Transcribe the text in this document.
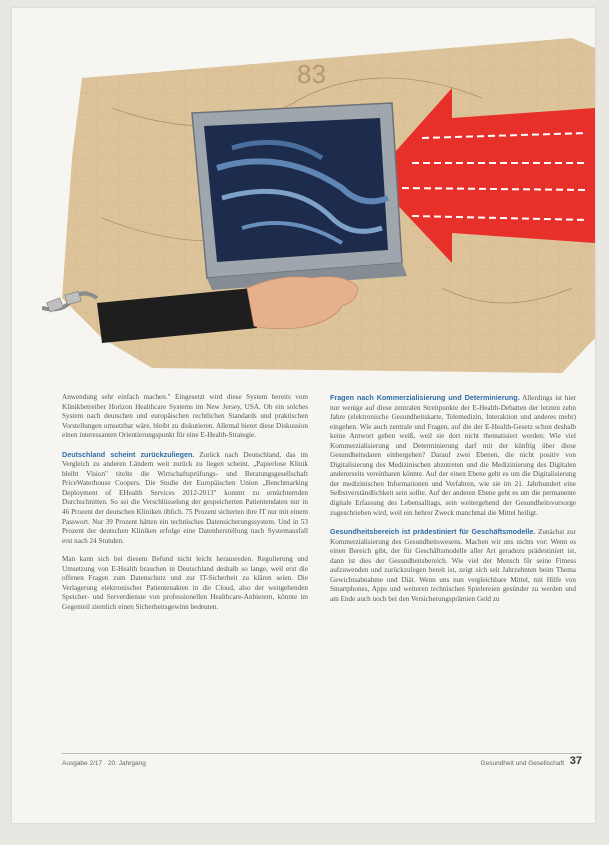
83

Anwendung sehr einfach machen." Eingesetzt wird diese System bereits vom Klinikbetreiber Horizon Healthcare Systems im New Jersey, USA. Ob ein solches System nach deutschen und europäischen rechtlichen Standards und praktischen Vorstellungen umsetzbar wäre, bleibt zu diskutieren. Allemal bietet diese Diskussion einen interessanten Orientierungspunkt für eine E-Health-Strategie.

Deutschland scheint zurückzuliegen. Zurück nach Deutschland, das im Vergleich zu anderen Ländern weit zurück zu liegen scheint. „Papierlose Klinik bleibt Vision" titelte die Wirtschaftsprüfungs- und Beratungsgesellschaft PriceWaterhouse Coopers. Die Studie der Europäischen Union „Benchmarking Deployment of EHealth Services 2012-2013" kommt zu ernüchternden Durchschnitten. So sei die Verschlüsselung der gespeicherten Patientendaten nur in 46 Prozent der deutschen Kliniken üblich. 75 Prozent sicherten ihre IT nur mit einem Passwort. Nur 39 Prozent hätten ein technisches Datensicherungssystem. Und in 53 Prozent der deutschen Kliniken erfolge eine Datenherstellung nach Systemausfall erst nach 24 Stunden.

Man kann sich bei diesem Befund nicht leicht herausreden. Regulierung und Umsetzung von E-Health brauchen in Deutschland deshalb so lange, weil erst die offenen Fragen zum Datenschutz und zur IT-Sicherheit zu klären seien. Die Verlagerung elektronischer Patientenakten in die Cloud, also der weitgehenden Speicher- und Serverdienste von professionellen Healthcare-Anbietern, könnte im Gegenteil ziemlich einen Sicherheitsgewinn bedeuten.

Fragen nach Kommerzialisierung und Determinierung. Allerdings ist hier nur wenige auf diese zentralen Streitpunkte der E-Health-Debatten der letzten zehn Jahre (elektronische Gesundheitskarte, Telemedizin, Interaktion und anderes mehr) eingehen. Wie auch zentrale und Fragen, auf die der E-Health-Gesetz schon deshalb keine Antwort geben weiß, weil sie dort nicht thematisiert werden: Wie viel Kommerzialisierung und Determinierung darf mit der künftig über diese Gesundheitsdaten einhergehen? Darauf zwei Ebenen, die nicht positiv von Digitalisierung des Medizinischen abzutreten und die Medizinierung des Digitalen andererseits vereinbaren könnte. Auf der einen Ebene geht es um die Digitalisierung der medizinischen Informationen und Verfahren, wie sie im 21. Jahrhundert eine Selbstverständlichkeit sein sollte. Auf der anderen Ebene geht es um die permanente digitale Erfassung des Lebensalltags, sein weitergehend der Gesundheitsvorsorge zugeschrieben wird, weil ein hehrer Zweck manchmal die Mittel heiligt.

Gesundheitsbereich ist prädestiniert für Geschäftsmodelle. Zunächst zur Kommerzialisierung des Gesundheitswesens. Machen wir uns nichts vor: Wenn es einen Bereich gibt, der für Geschäftsmodelle aller Art geradezu prädestiniert ist, dann ist dies der Gesundheitsbereich. Wie viel der Mensch für seine Fitness aufzuwenden und zurückzulegen bereit ist, zeigt sich seit Jahrzehnten beim Thema Gewichtsabnahme und Diät. Wenn uns nun vergleichbare Mittel, mit Hilfe von Smartphones, Apps und weiteren technischen Spielereien gesünder zu werden und am Ende auch noch bei den Versicherungsprämien Geld zu

Ausgabe 2/17 · 20. Jahrgang	Gesundheit und Gesellschaft 37
